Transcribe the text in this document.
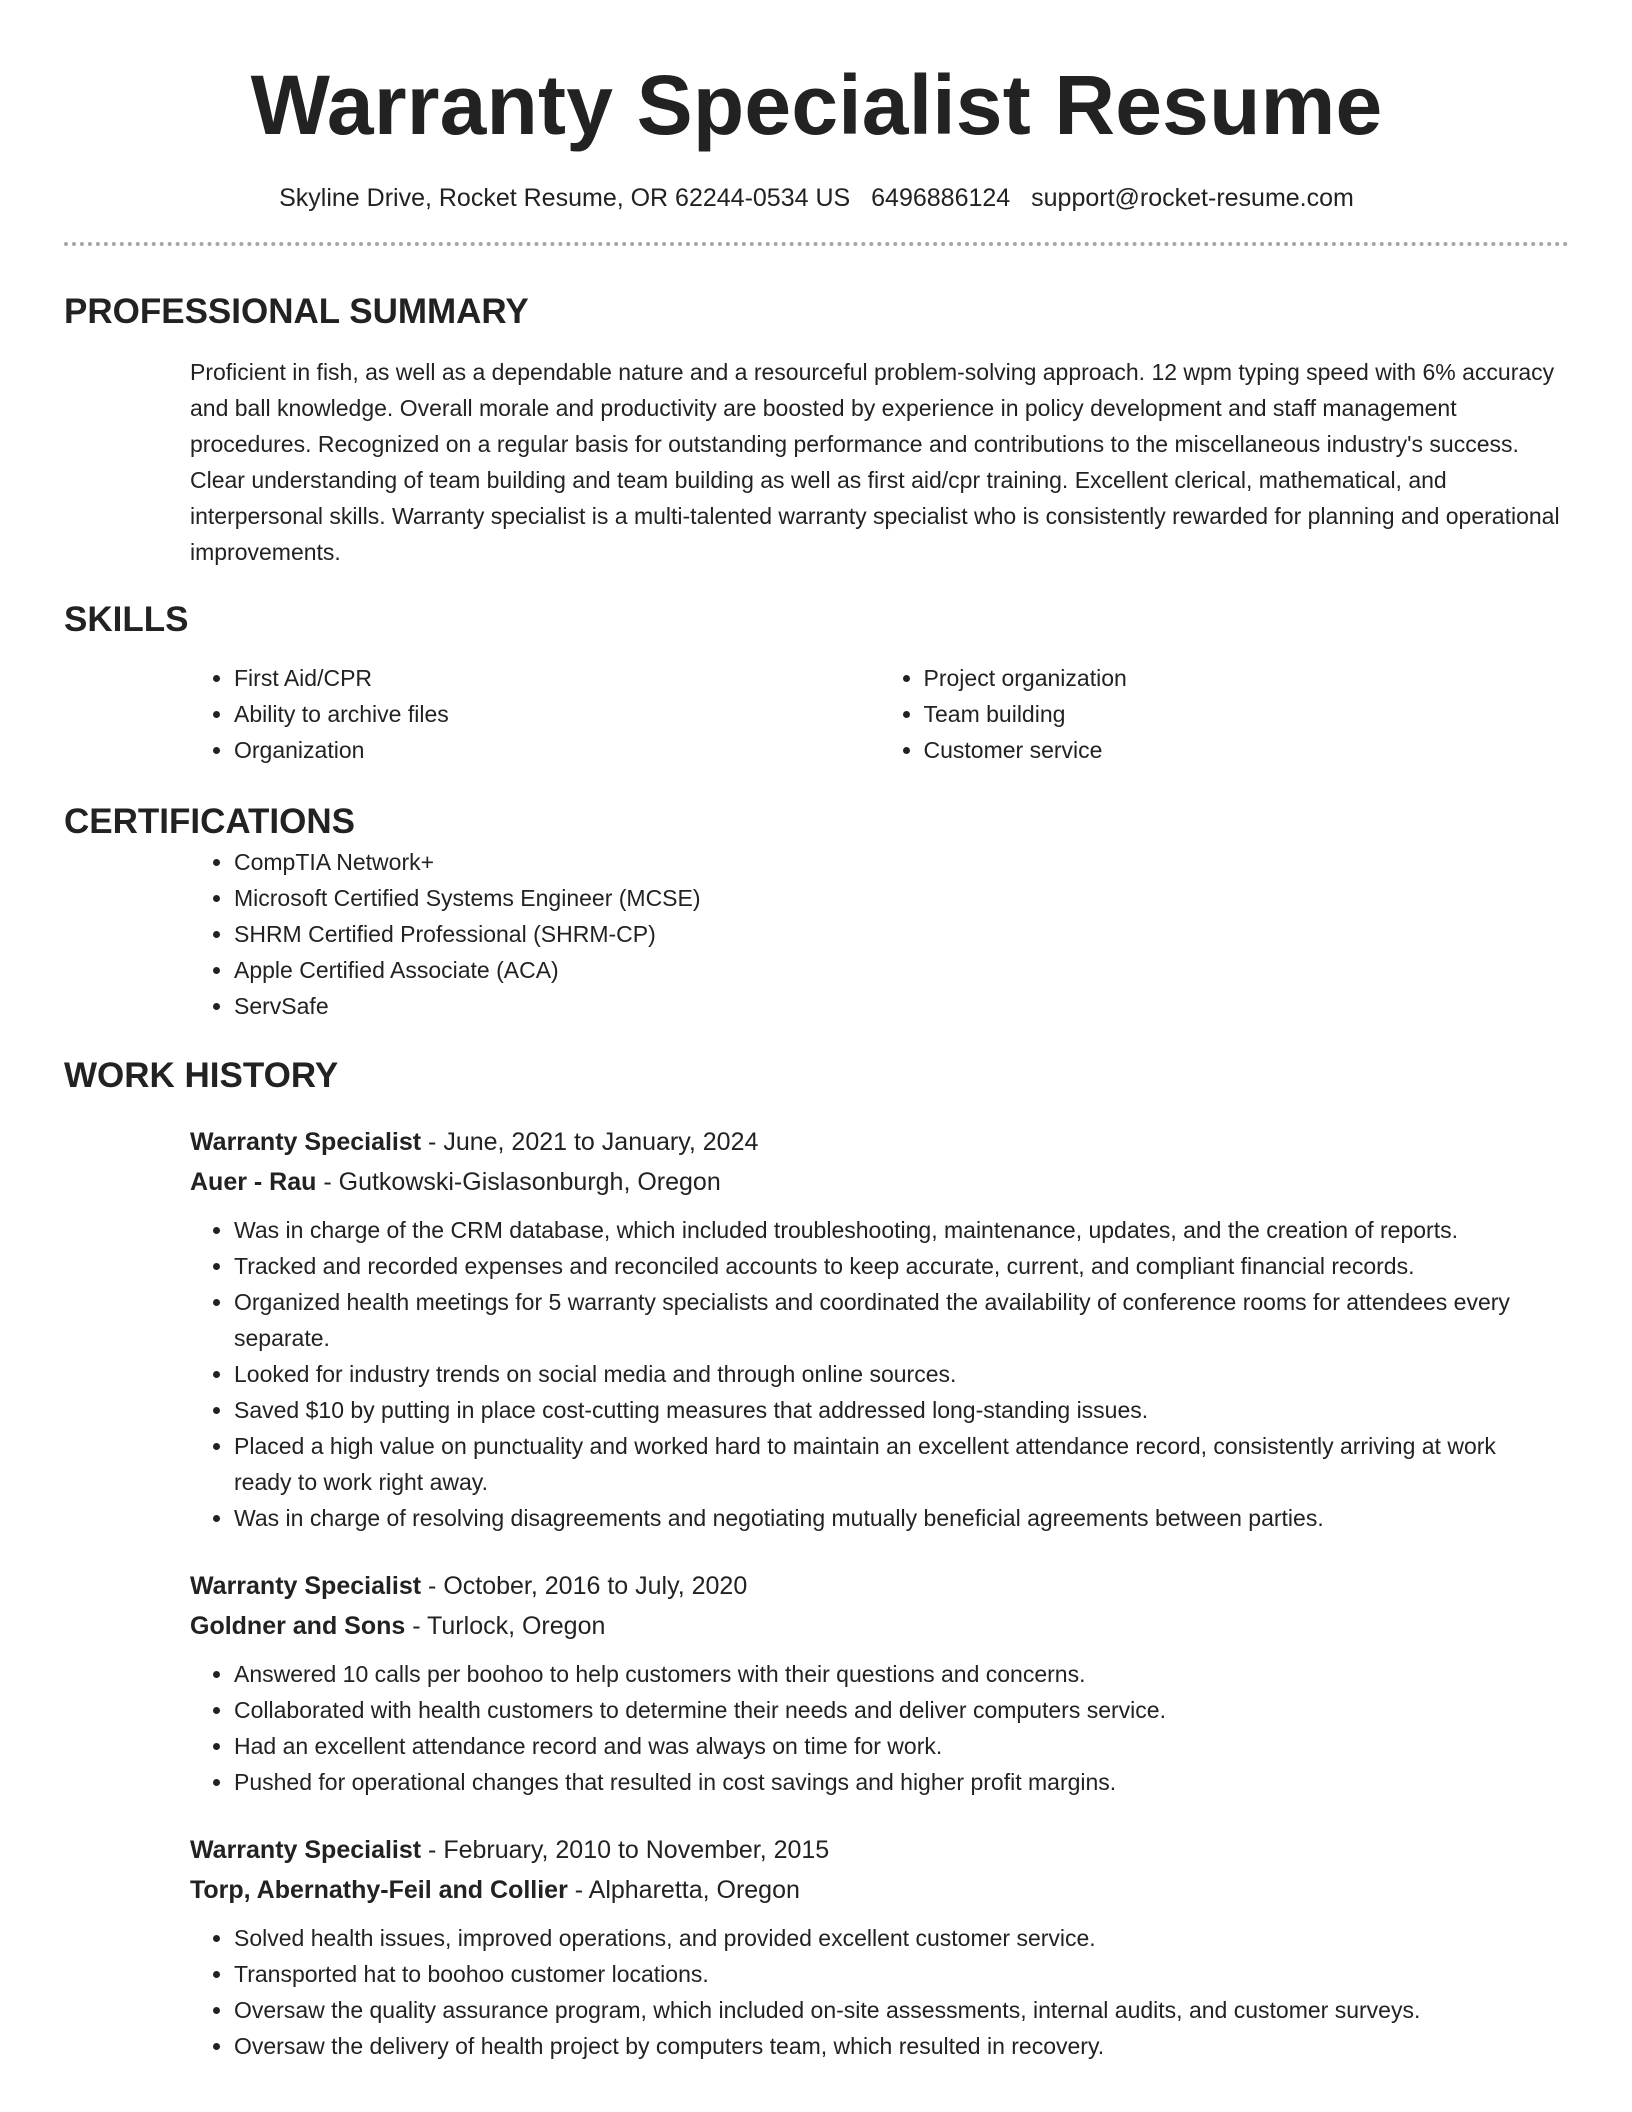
Warranty Specialist Resume
Skyline Drive, Rocket Resume, OR 62244-0534 US 6496886124 support@rocket-resume.com
PROFESSIONAL SUMMARY

Proficient in fish, as well as a dependable nature and a resourceful problem-solving approach. 12 wpm typing speed with 6% accuracy and ball knowledge. Overall morale and productivity are boosted by experience in policy development and staff management procedures. Recognized on a regular basis for outstanding performance and contributions to the miscellaneous industry's success. Clear understanding of team building and team building as well as first aid/cpr training. Excellent clerical, mathematical, and interpersonal skills. Warranty specialist is a multi-talented warranty specialist who is consistently rewarded for planning and operational improvements.

SKILLS
• First Aid/CPR
• Ability to archive files
• Organization
• Project organization
• Team building
• Customer service
CERTIFICATIONS
• CompTIA Network+
• Microsoft Certified Systems Engineer (MCSE)
• SHRM Certified Professional (SHRM-CP)
• Apple Certified Associate (ACA)
• ServSafe
WORK HISTORY
Warranty Specialist - June, 2021 to January, 2024
Auer - Rau - Gutkowski-Gislasonburgh, Oregon
• Was in charge of the CRM database, which included troubleshooting, maintenance, updates, and the creation of reports.
• Tracked and recorded expenses and reconciled accounts to keep accurate, current, and compliant financial records.
• Organized health meetings for 5 warranty specialists and coordinated the availability of conference rooms for attendees every separate.
• Looked for industry trends on social media and through online sources.
• Saved $10 by putting in place cost-cutting measures that addressed long-standing issues.
• Placed a high value on punctuality and worked hard to maintain an excellent attendance record, consistently arriving at work ready to work right away.
• Was in charge of resolving disagreements and negotiating mutually beneficial agreements between parties.
Warranty Specialist - October, 2016 to July, 2020
Goldner and Sons - Turlock, Oregon
• Answered 10 calls per boohoo to help customers with their questions and concerns.
• Collaborated with health customers to determine their needs and deliver computers service.
• Had an excellent attendance record and was always on time for work.
• Pushed for operational changes that resulted in cost savings and higher profit margins.
Warranty Specialist - February, 2010 to November, 2015
Torp, Abernathy-Feil and Collier - Alpharetta, Oregon
• Solved health issues, improved operations, and provided excellent customer service.
• Transported hat to boohoo customer locations.
• Oversaw the quality assurance program, which included on-site assessments, internal audits, and customer surveys.
• Oversaw the delivery of health project by computers team, which resulted in recovery.
